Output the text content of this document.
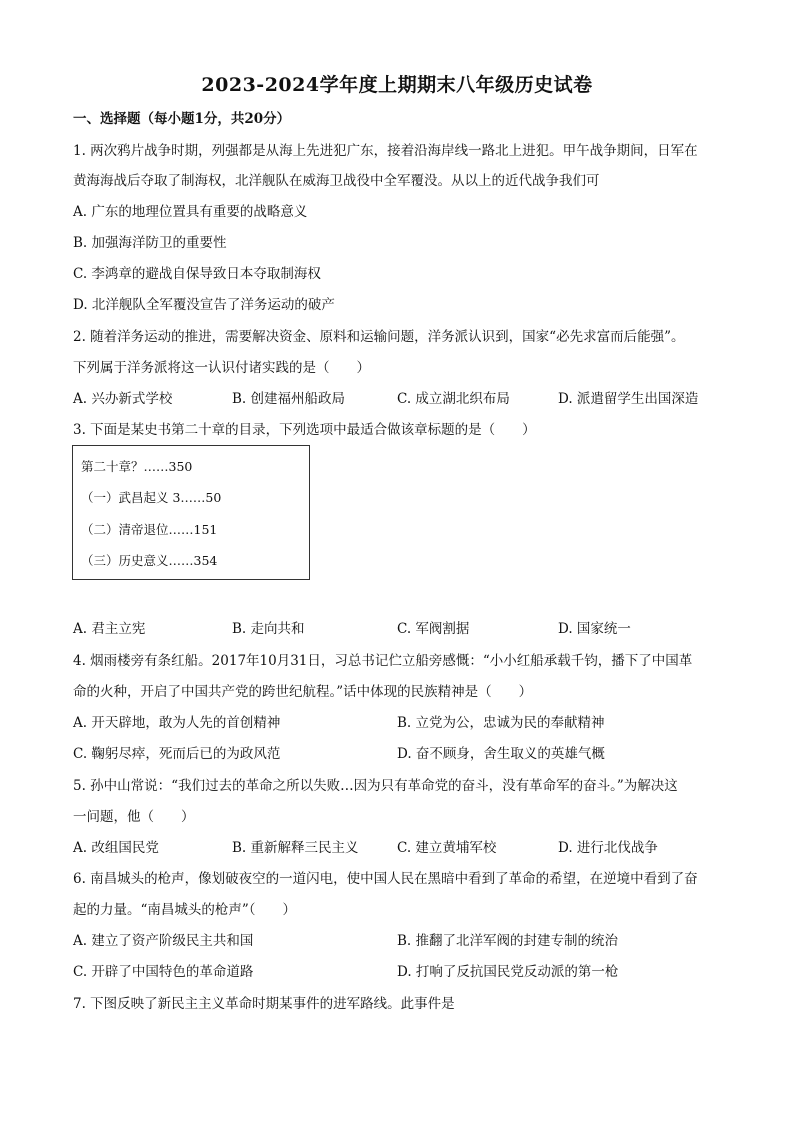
2023-2024学年度上期期末八年级历史试卷
一、选择题（每小题1分，共20分）
1. 两次鸦片战争时期，列强都是从海上先进犯广东，接着沿海岸线一路北上进犯。甲午战争期间，日军在
黄海海战后夺取了制海权，北洋舰队在威海卫战役中全军覆没。从以上的近代战争我们可
A. 广东的地理位置具有重要的战略意义
B. 加强海洋防卫的重要性
C. 李鸿章的避战自保导致日本夺取制海权
D. 北洋舰队全军覆没宣告了洋务运动的破产
2. 随着洋务运动的推进，需要解决资金、原料和运输问题，洋务派认识到，国家“必先求富而后能强”。
下列属于洋务派将这一认识付诸实践的是（　　）
A. 兴办新式学校	B. 创建福州船政局	C. 成立湖北织布局	D. 派遣留学生出国深造
3. 下面是某史书第二十章的目录，下列选项中最适合做该章标题的是（　　）
第二十章？……350
（一）武昌起义 3……50
（二）清帝退位……151
（三）历史意义……354
A. 君主立宪	B. 走向共和	C. 军阀割据	D. 国家统一
4. 烟雨楼旁有条红船。2017年10月31日，习总书记伫立船旁感慨：“小小红船承载千钧，播下了中国革
命的火种，开启了中国共产党的跨世纪航程。”话中体现的民族精神是（　　）
A. 开天辟地，敢为人先的首创精神	B. 立党为公，忠诚为民的奉献精神
C. 鞠躬尽瘁，死而后已的为政风范	D. 奋不顾身，舍生取义的英雄气概
5. 孙中山常说：“我们过去的革命之所以失败…因为只有革命党的奋斗，没有革命军的奋斗。”为解决这
一问题，他（　　）
A. 改组国民党	B. 重新解释三民主义	C. 建立黄埔军校	D. 进行北伐战争
6. 南昌城头的枪声，像划破夜空的一道闪电，使中国人民在黑暗中看到了革命的希望，在逆境中看到了奋
起的力量。“南昌城头的枪声”（　　）
A. 建立了资产阶级民主共和国	B. 推翻了北洋军阀的封建专制的统治
C. 开辟了中国特色的革命道路	D. 打响了反抗国民党反动派的第一枪
7. 下图反映了新民主主义革命时期某事件的进军路线。此事件是
